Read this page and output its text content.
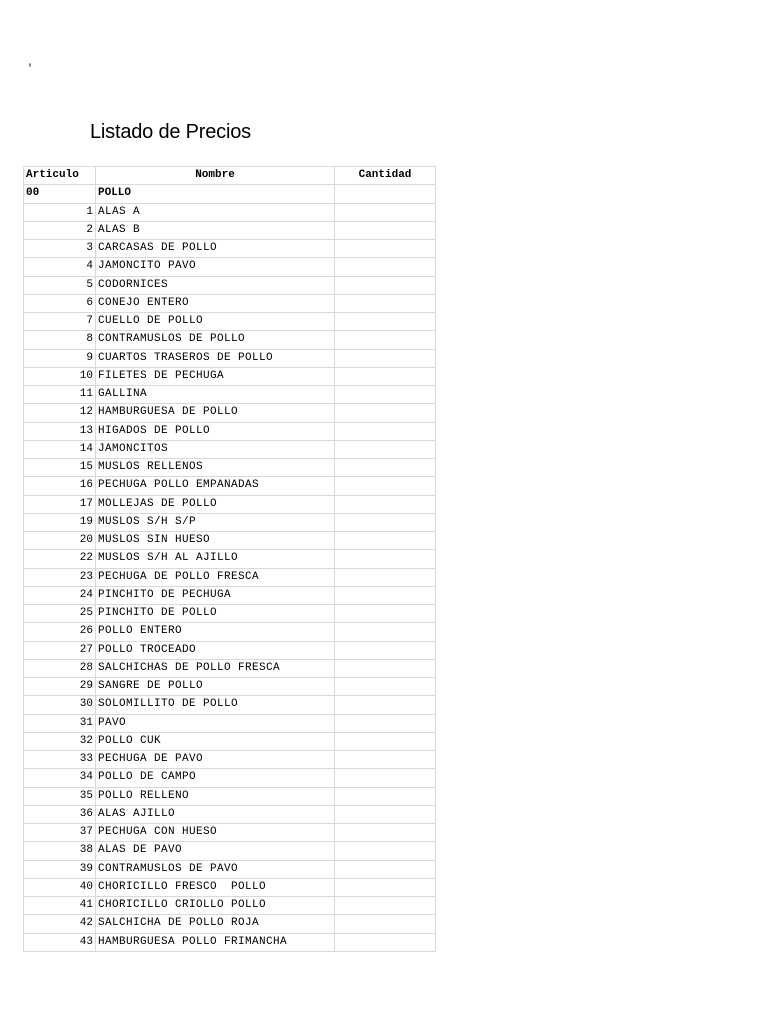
'
Listado de Precios
Articulo	Nombre	Cantidad
00	POLLO	
1	ALAS A	
2	ALAS B	
3	CARCASAS DE POLLO	
4	JAMONCITO PAVO	
5	CODORNICES	
6	CONEJO ENTERO	
7	CUELLO DE POLLO	
8	CONTRAMUSLOS DE POLLO	
9	CUARTOS TRASEROS DE POLLO	
10	FILETES DE PECHUGA	
11	GALLINA	
12	HAMBURGUESA DE POLLO	
13	HIGADOS DE POLLO	
14	JAMONCITOS	
15	MUSLOS RELLENOS	
16	PECHUGA POLLO EMPANADAS	
17	MOLLEJAS DE POLLO	
19	MUSLOS S/H S/P	
20	MUSLOS SIN HUESO	
22	MUSLOS S/H AL AJILLO	
23	PECHUGA DE POLLO FRESCA	
24	PINCHITO DE PECHUGA	
25	PINCHITO DE POLLO	
26	POLLO ENTERO	
27	POLLO TROCEADO	
28	SALCHICHAS DE POLLO FRESCA	
29	SANGRE DE POLLO	
30	SOLOMILLITO DE POLLO	
31	PAVO	
32	POLLO CUK	
33	PECHUGA DE PAVO	
34	POLLO DE CAMPO	
35	POLLO RELLENO	
36	ALAS AJILLO	
37	PECHUGA CON HUESO	
38	ALAS DE PAVO	
39	CONTRAMUSLOS DE PAVO	
40	CHORICILLO FRESCO  POLLO	
41	CHORICILLO CRIOLLO POLLO	
42	SALCHICHA DE POLLO ROJA	
43	HAMBURGUESA POLLO FRIMANCHA	
